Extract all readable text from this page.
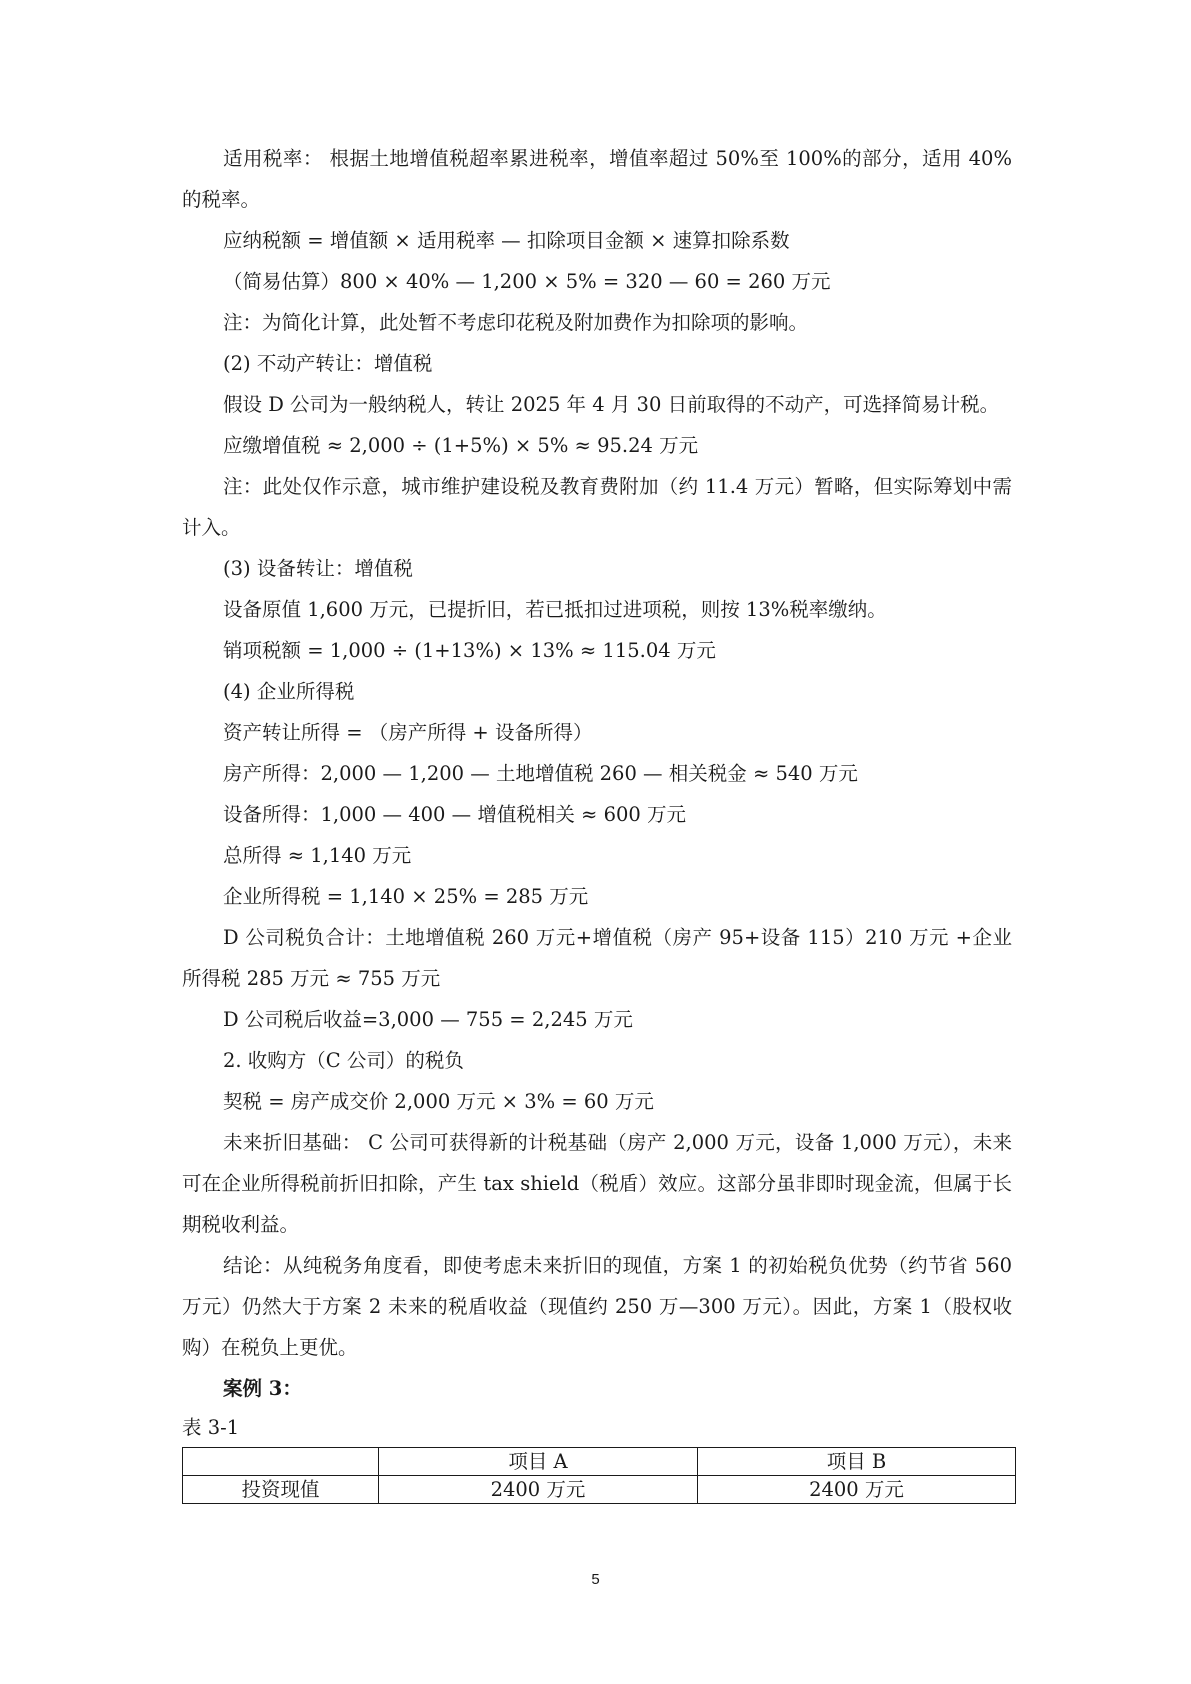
适用税率： 根据土地增值税超率累进税率，增值率超过 50%至 100%的部分，适用 40%的税率。

应纳税额 = 增值额 × 适用税率 — 扣除项目金额 × 速算扣除系数

（简易估算）800 × 40% — 1,200 × 5% = 320 — 60 = 260 万元

注：为简化计算，此处暂不考虑印花税及附加费作为扣除项的影响。

(2) 不动产转让：增值税

假设 D 公司为一般纳税人，转让 2025 年 4 月 30 日前取得的不动产，可选择简易计税。

应缴增值税 ≈ 2,000 ÷ (1+5%) × 5% ≈ 95.24 万元

注：此处仅作示意，城市维护建设税及教育费附加（约 11.4 万元）暂略，但实际筹划中需计入。

(3) 设备转让：增值税

设备原值 1,600 万元，已提折旧，若已抵扣过进项税，则按 13%税率缴纳。

销项税额 = 1,000 ÷ (1+13%) × 13% ≈ 115.04 万元

(4) 企业所得税

资产转让所得 = （房产所得 + 设备所得）

房产所得：2,000 — 1,200 — 土地增值税 260 — 相关税金 ≈ 540 万元

设备所得：1,000 — 400 — 增值税相关 ≈ 600 万元

总所得 ≈ 1,140 万元

企业所得税 = 1,140 × 25% = 285 万元

D 公司税负合计：土地增值税 260 万元+增值税（房产 95+设备 115）210 万元 +企业所得税 285 万元 ≈ 755 万元

D 公司税后收益=3,000 — 755 = 2,245 万元

2. 收购方（C 公司）的税负

契税 = 房产成交价 2,000 万元 × 3% = 60 万元

未来折旧基础： C 公司可获得新的计税基础（房产 2,000 万元，设备 1,000 万元），未来可在企业所得税前折旧扣除，产生 tax shield（税盾）效应。这部分虽非即时现金流，但属于长期税收利益。

结论：从纯税务角度看，即使考虑未来折旧的现值，方案 1 的初始税负优势（约节省 560 万元）仍然大于方案 2 未来的税盾收益（现值约 250 万—300 万元）。因此，方案 1（股权收购）在税负上更优。

案例 3：

表 3-1

	项目 A	项目 B
投资现值	2400 万元	2400 万元
5
